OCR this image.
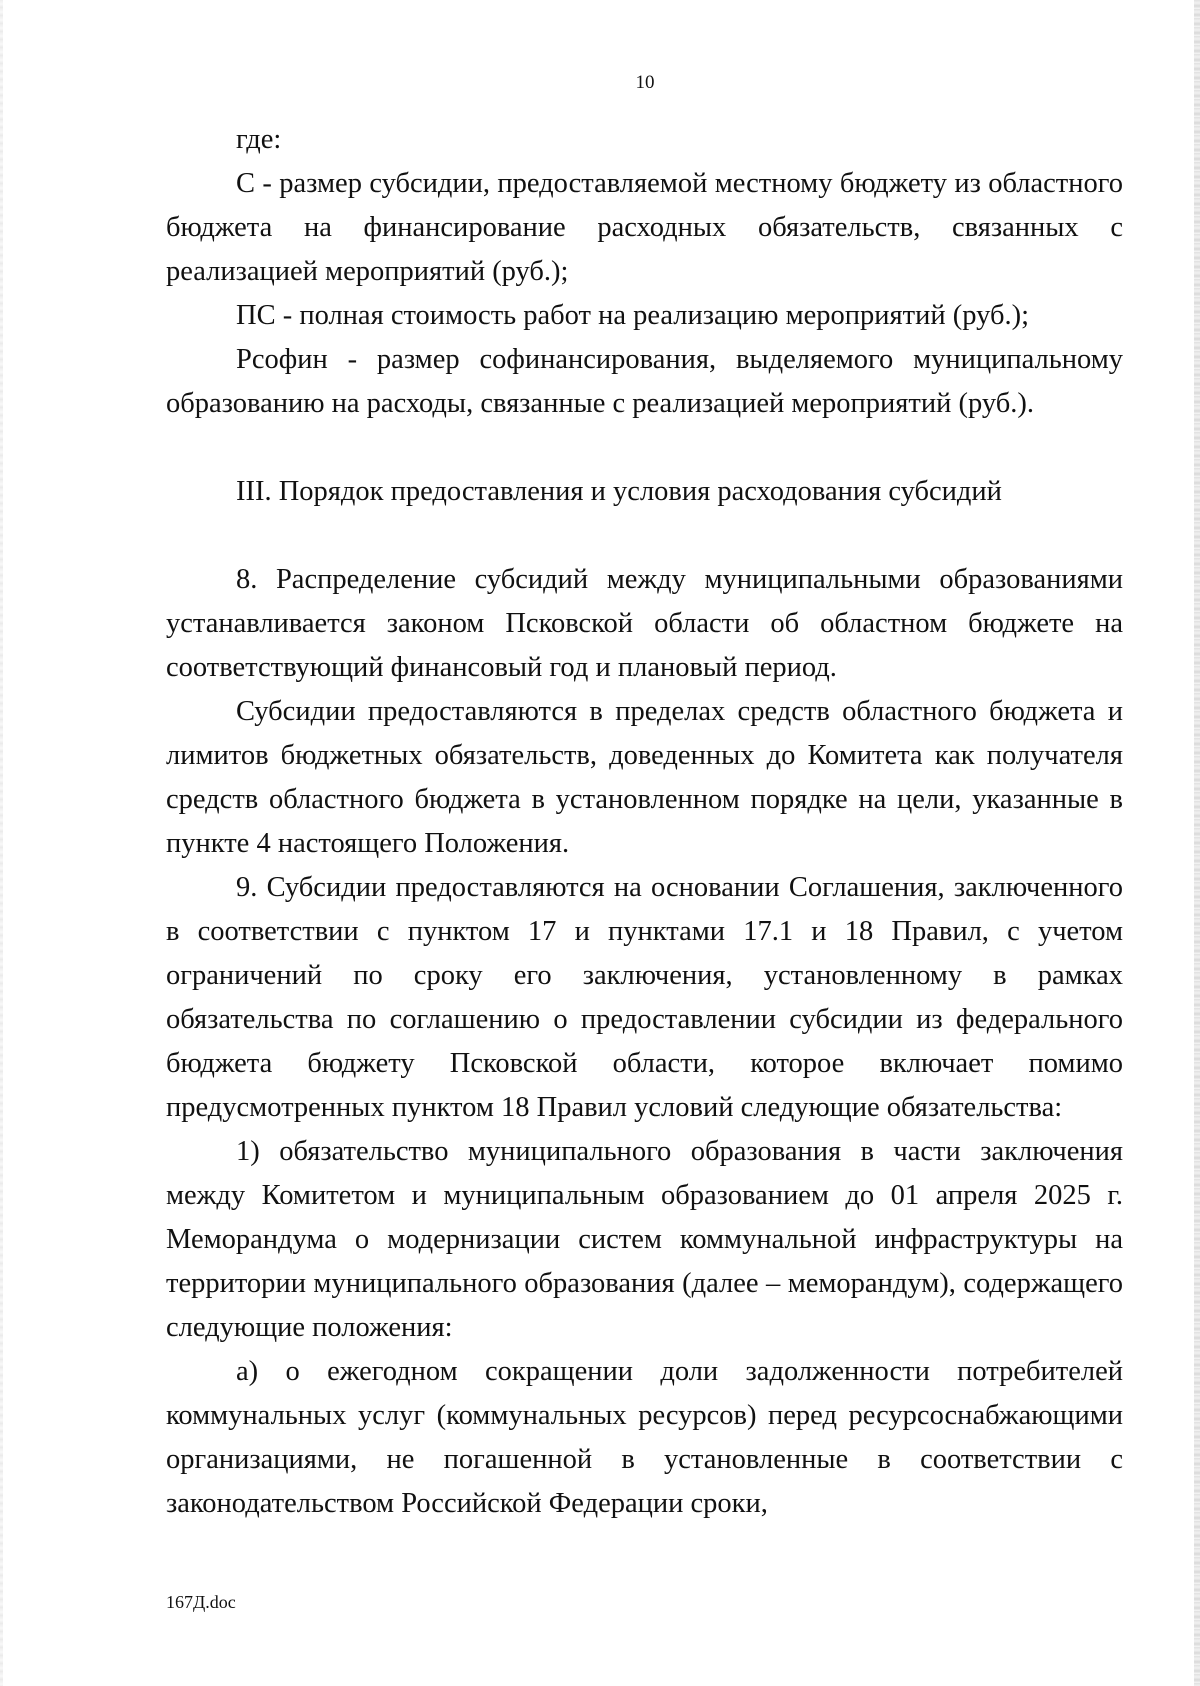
10

где:

С - размер субсидии, предоставляемой местному бюджету из областного бюджета на финансирование расходных обязательств, связанных с реализацией мероприятий (руб.);

ПС - полная стоимость работ на реализацию мероприятий (руб.);

Рсофин - размер софинансирования, выделяемого муниципальному образованию на расходы, связанные с реализацией мероприятий (руб.).

III. Порядок предоставления и условия расходования субсидий

8. Распределение субсидий между муниципальными образованиями устанавливается законом Псковской области об областном бюджете на соответствующий финансовый год и плановый период.

Субсидии предоставляются в пределах средств областного бюджета и лимитов бюджетных обязательств, доведенных до Комитета как получателя средств областного бюджета в установленном порядке на цели, указанные в пункте 4 настоящего Положения.

9. Субсидии предоставляются на основании Соглашения, заключенного в соответствии с пунктом 17 и пунктами 17.1 и 18 Правил, с учетом ограничений по сроку его заключения, установленному в рамках обязательства по соглашению о предоставлении субсидии из федерального бюджета бюджету Псковской области, которое включает помимо предусмотренных пунктом 18 Правил условий следующие обязательства:

1) обязательство муниципального образования в части заключения между Комитетом и муниципальным образованием до 01 апреля 2025 г. Меморандума о модернизации систем коммунальной инфраструктуры на территории муниципального образования (далее – меморандум), содержащего следующие положения:

а) о ежегодном сокращении доли задолженности потребителей коммунальных услуг (коммунальных ресурсов) перед ресурсоснабжающими организациями, не погашенной в установленные в соответствии с законодательством Российской Федерации сроки,

167Д.doc
